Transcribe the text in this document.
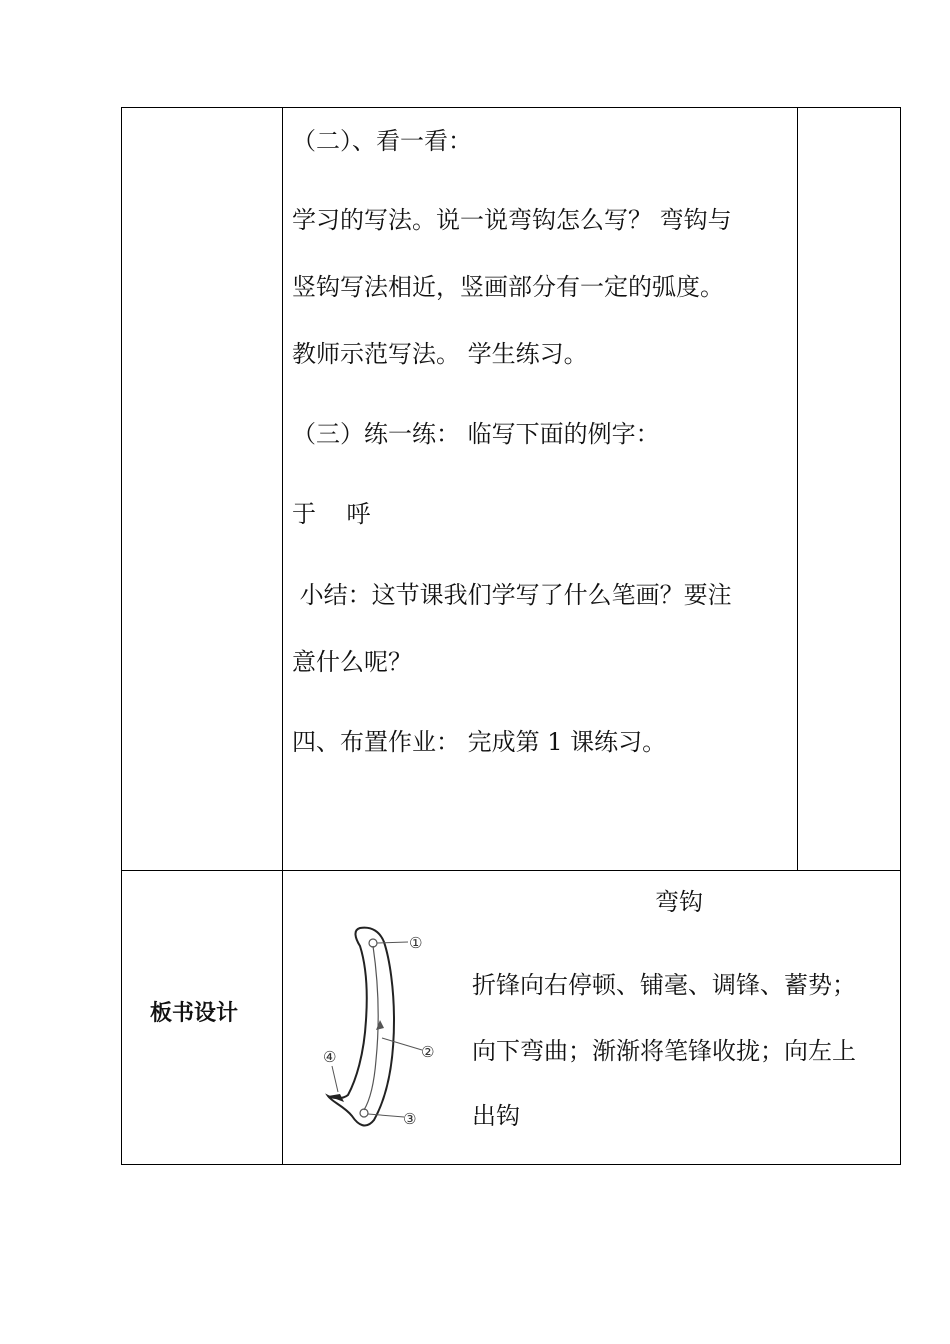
（二）、看一看：
学习的写法。说一说弯钩怎么写？ 弯钩与
竖钩写法相近，竖画部分有一定的弧度。
教师示范写法。 学生练习。
（三）练一练： 临写下面的例字：
于    呼
小结：这节课我们学写了什么笔画？要注
意什么呢？
四、布置作业： 完成第 1 课练习。
板书设计
弯钩
折锋向右停顿、铺毫、调锋、蓄势；
向下弯曲；渐渐将笔锋收拢；向左上
出钩
①
②
③
④
